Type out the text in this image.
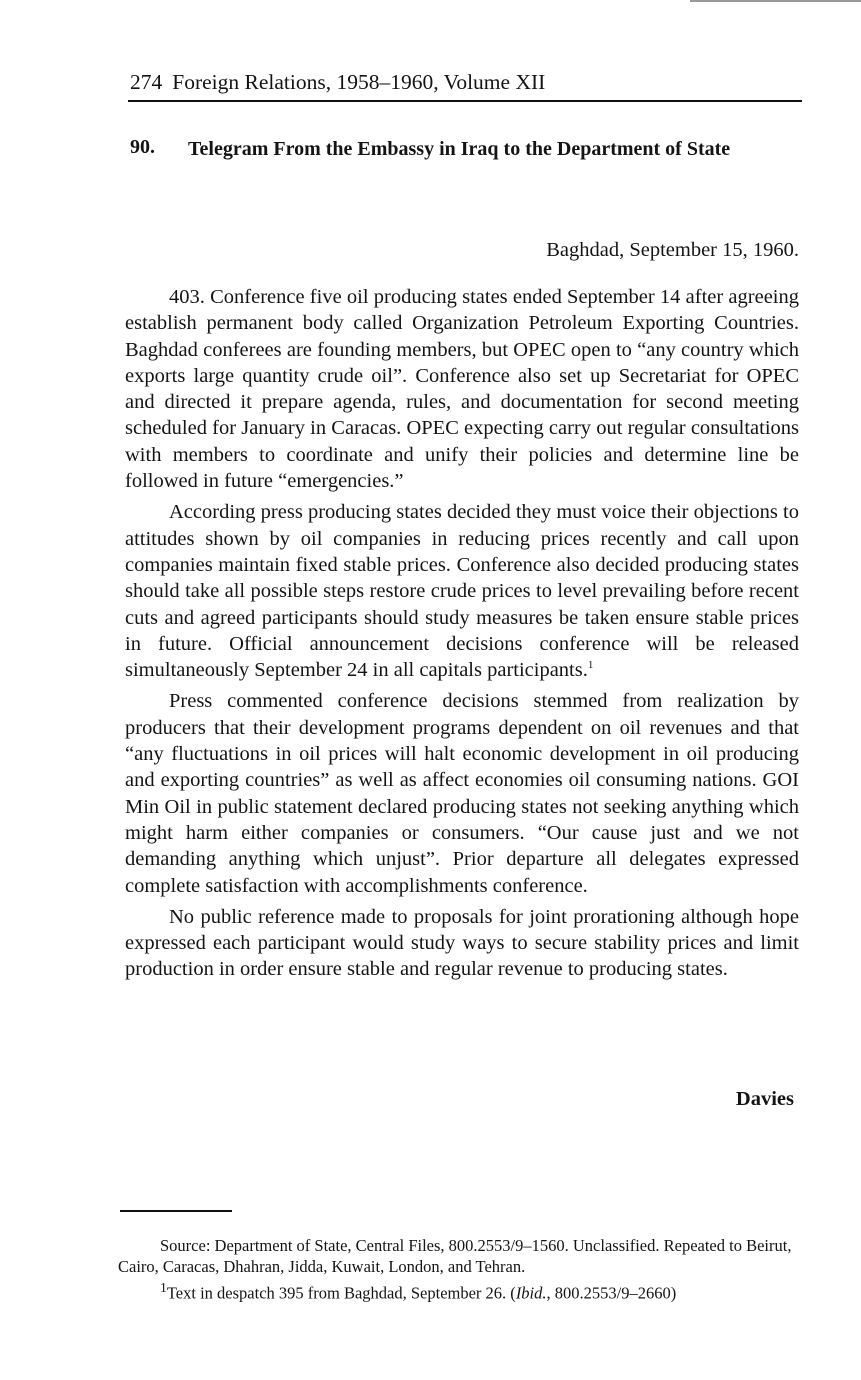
274 Foreign Relations, 1958–1960, Volume XII
90. Telegram From the Embassy in Iraq to the Department of State
Baghdad, September 15, 1960.

403. Conference five oil producing states ended September 14 after agreeing establish permanent body called Organization Petroleum Exporting Countries. Baghdad conferees are founding members, but OPEC open to “any country which exports large quantity crude oil”. Conference also set up Secretariat for OPEC and directed it prepare agenda, rules, and documentation for second meeting scheduled for January in Caracas. OPEC expecting carry out regular consultations with members to coordinate and unify their policies and determine line be followed in future “emergencies.”

According press producing states decided they must voice their objections to attitudes shown by oil companies in reducing prices recently and call upon companies maintain fixed stable prices. Conference also decided producing states should take all possible steps restore crude prices to level prevailing before recent cuts and agreed participants should study measures be taken ensure stable prices in future. Official announcement decisions conference will be released simultaneously September 24 in all capitals participants.$^1$

Press commented conference decisions stemmed from realization by producers that their development programs dependent on oil revenues and that “any fluctuations in oil prices will halt economic development in oil producing and exporting countries” as well as affect economies oil consuming nations. GOI Min Oil in public statement declared producing states not seeking anything which might harm either companies or consumers. “Our cause just and we not demanding anything which unjust”. Prior departure all delegates expressed complete satisfaction with accomplishments conference.

No public reference made to proposals for joint prorationing although hope expressed each participant would study ways to secure stability prices and limit production in order ensure stable and regular revenue to producing states.

Davies

Source: Department of State, Central Files, 800.2553/9–1560. Unclassified. Repeated to Beirut, Cairo, Caracas, Dhahran, Jidda, Kuwait, London, and Tehran.

$^1$Text in despatch 395 from Baghdad, September 26. (Ibid., 800.2553/9–2660)
